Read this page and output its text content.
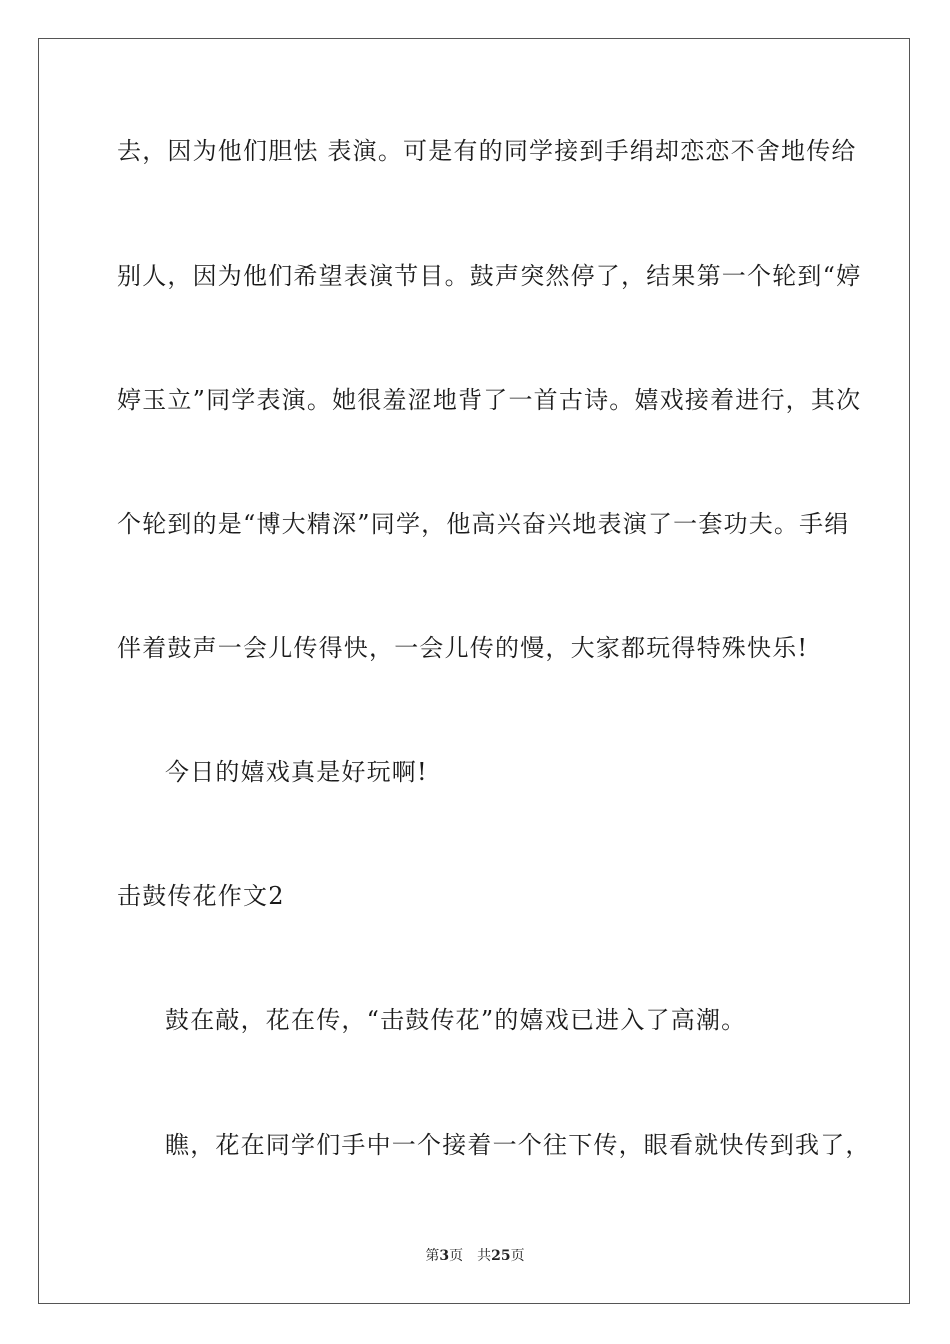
去，因为他们胆怯 表演。可是有的同学接到手绢却恋恋不舍地传给
别人，因为他们希望表演节目。鼓声突然停了，结果第一个轮到“婷
婷玉立”同学表演。她很羞涩地背了一首古诗。嬉戏接着进行，其次
个轮到的是“博大精深”同学，他高兴奋兴地表演了一套功夫。手绢
伴着鼓声一会儿传得快，一会儿传的慢，大家都玩得特殊快乐!
今日的嬉戏真是好玩啊!
击鼓传花作文2
鼓在敲，花在传，“击鼓传花”的嬉戏已进入了高潮。
瞧，花在同学们手中一个接着一个往下传，眼看就快传到我了，
第3页 共25页
